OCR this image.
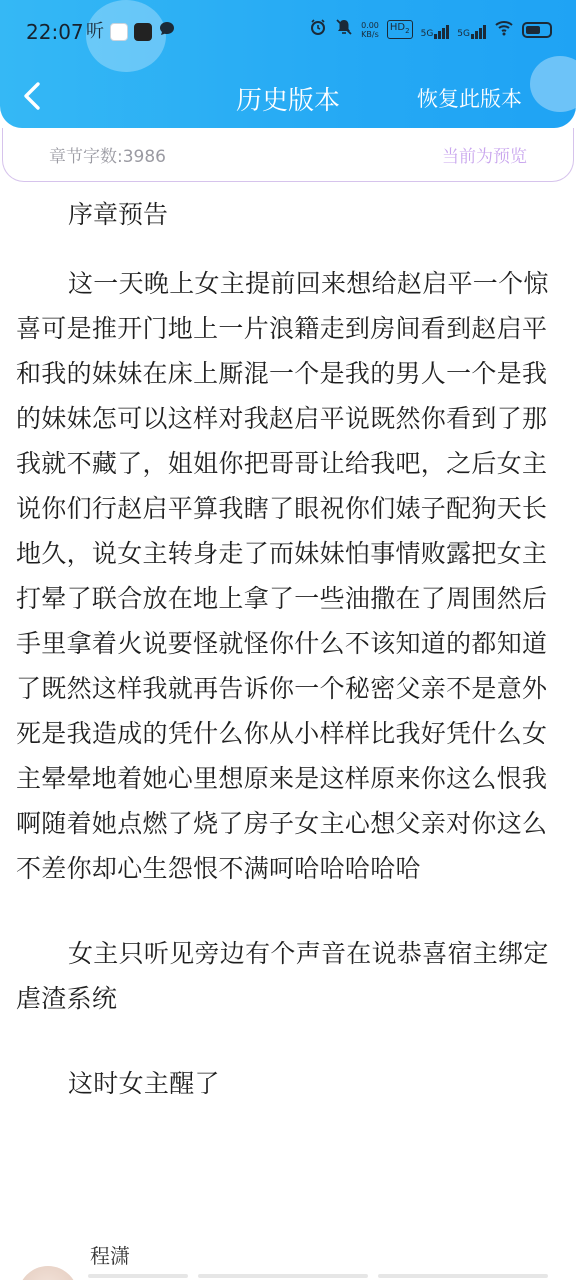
22:07 听	0.00
KB/s
$HD_2$	5G	5G
历史版本	恢复此版本
章节字数:3986	当前为预览
序章预告
这一天晚上女主提前回来想给赵启平一个惊喜可是推开门地上一片浪籍走到房间看到赵启平和我的妹妹在床上厮混一个是我的男人一个是我的妹妹怎可以这样对我赵启平说既然你看到了那我就不藏了，姐姐你把哥哥让给我吧，之后女主说你们行赵启平算我瞎了眼祝你们婊子配狗天长地久，说女主转身走了而妹妹怕事情败露把女主打晕了联合放在地上拿了一些油撒在了周围然后手里拿着火说要怪就怪你什么不该知道的都知道了既然这样我就再告诉你一个秘密父亲不是意外死是我造成的凭什么你从小样样比我好凭什么女主晕晕地着她心里想原来是这样原来你这么恨我啊随着她点燃了烧了房子女主心想父亲对你这么不差你却心生怨恨不满呵哈哈哈哈哈
女主只听见旁边有个声音在说恭喜宿主绑定虐渣系统
这时女主醒了
程潇
